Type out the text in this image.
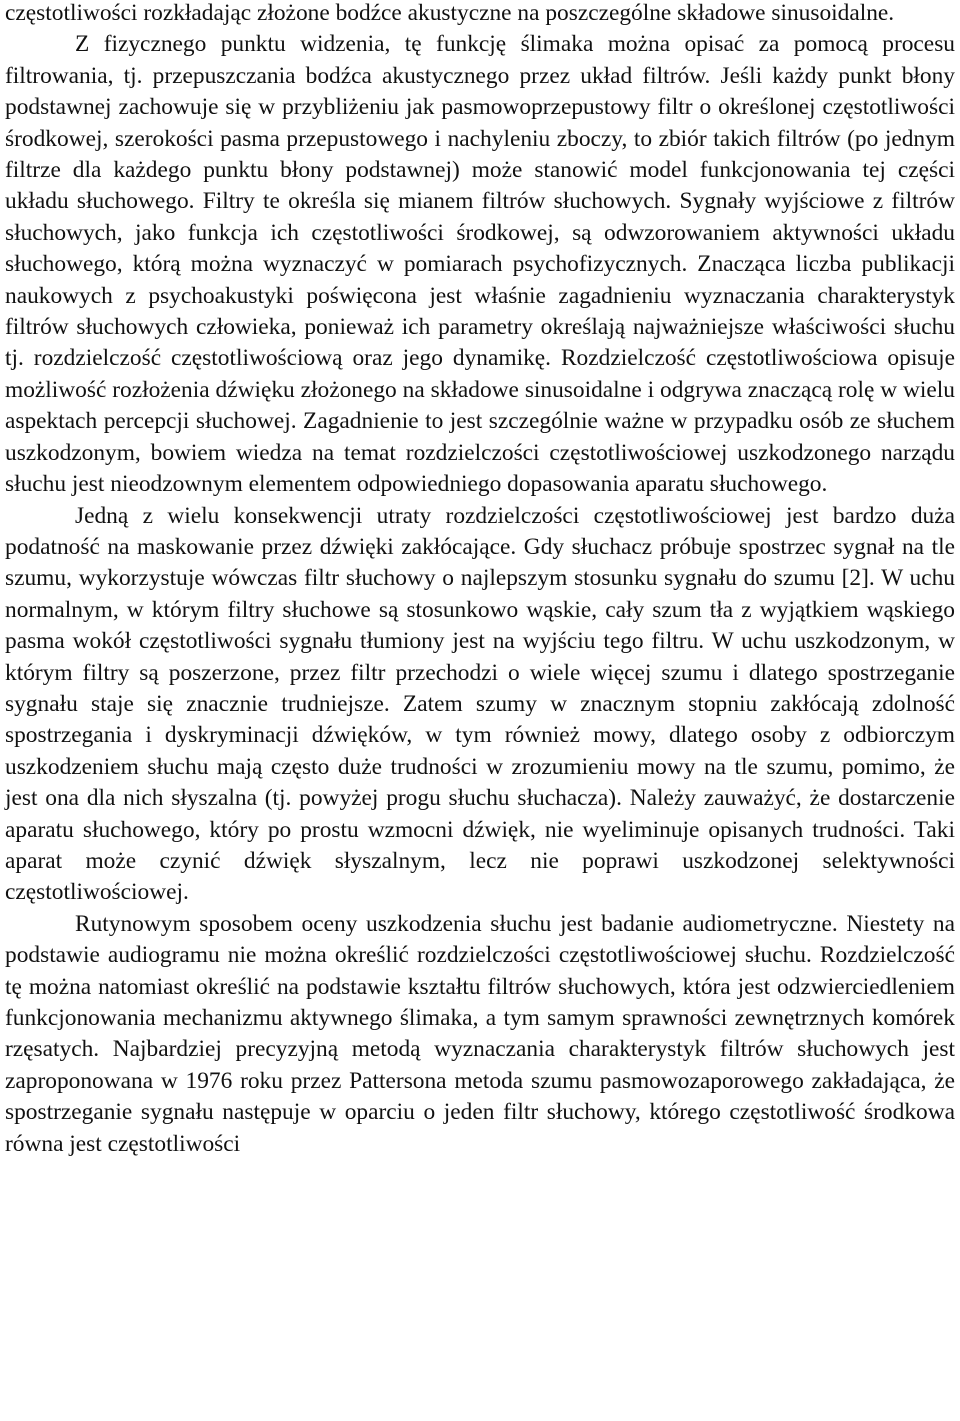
częstotliwości rozkładając złożone bodźce akustyczne na poszczególne składowe sinusoidalne.

Z fizycznego punktu widzenia, tę funkcję ślimaka można opisać za pomocą procesu filtrowania, tj. przepuszczania bodźca akustycznego przez układ filtrów. Jeśli każdy punkt błony podstawnej zachowuje się w przybliżeniu jak pasmowoprzepustowy filtr o określonej częstotliwości środkowej, szerokości pasma przepustowego i nachyleniu zboczy, to zbiór takich filtrów (po jednym filtrze dla każdego punktu błony podstawnej) może stanowić model funkcjonowania tej części układu słuchowego. Filtry te określa się mianem filtrów słuchowych. Sygnały wyjściowe z filtrów słuchowych, jako funkcja ich częstotliwości środkowej, są odwzorowaniem aktywności układu słuchowego, którą można wyznaczyć w pomiarach psychofizycznych. Znacząca liczba publikacji naukowych z psychoakustyki poświęcona jest właśnie zagadnieniu wyznaczania charakterystyk filtrów słuchowych człowieka, ponieważ ich parametry określają najważniejsze właściwości słuchu tj. rozdzielczość częstotliwościową oraz jego dynamikę. Rozdzielczość częstotliwościowa opisuje możliwość rozłożenia dźwięku złożonego na składowe sinusoidalne i odgrywa znaczącą rolę w wielu aspektach percepcji słuchowej. Zagadnienie to jest szczególnie ważne w przypadku osób ze słuchem uszkodzonym, bowiem wiedza na temat rozdzielczości częstotliwościowej uszkodzonego narządu słuchu jest nieodzownym elementem odpowiedniego dopasowania aparatu słuchowego.

Jedną z wielu konsekwencji utraty rozdzielczości częstotliwościowej jest bardzo duża podatność na maskowanie przez dźwięki zakłócające. Gdy słuchacz próbuje spostrzec sygnał na tle szumu, wykorzystuje wówczas filtr słuchowy o najlepszym stosunku sygnału do szumu [2]. W uchu normalnym, w którym filtry słuchowe są stosunkowo wąskie, cały szum tła z wyjątkiem wąskiego pasma wokół częstotliwości sygnału tłumiony jest na wyjściu tego filtru. W uchu uszkodzonym, w którym filtry są poszerzone, przez filtr przechodzi o wiele więcej szumu i dlatego spostrzeganie sygnału staje się znacznie trudniejsze. Zatem szumy w znacznym stopniu zakłócają zdolność spostrzegania i dyskryminacji dźwięków, w tym również mowy, dlatego osoby z odbiorczym uszkodzeniem słuchu mają często duże trudności w zrozumieniu mowy na tle szumu, pomimo, że jest ona dla nich słyszalna (tj. powyżej progu słuchu słuchacza). Należy zauważyć, że dostarczenie aparatu słuchowego, który po prostu wzmocni dźwięk, nie wyeliminuje opisanych trudności. Taki aparat może czynić dźwięk słyszalnym, lecz nie poprawi uszkodzonej selektywności częstotliwościowej.

Rutynowym sposobem oceny uszkodzenia słuchu jest badanie audiometryczne. Niestety na podstawie audiogramu nie można określić rozdzielczości częstotliwościowej słuchu. Rozdzielczość tę można natomiast określić na podstawie kształtu filtrów słuchowych, która jest odzwierciedleniem funkcjonowania mechanizmu aktywnego ślimaka, a tym samym sprawności zewnętrznych komórek rzęsatych. Najbardziej precyzyjną metodą wyznaczania charakterystyk filtrów słuchowych jest zaproponowana w 1976 roku przez Pattersona metoda szumu pasmowozaporowego zakładająca, że spostrzeganie sygnału następuje w oparciu o jeden filtr słuchowy, którego częstotliwość środkowa równa jest częstotliwości
